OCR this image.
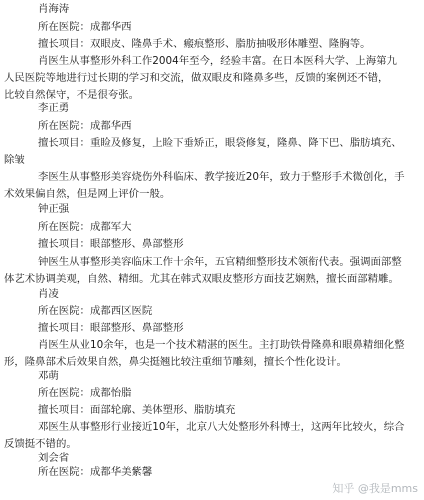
肖海涛
所在医院：成都华西
擅长项目：双眼皮、隆鼻手术、瘢痕整形、脂肪抽吸形体雕塑、隆胸等。
肖医生从事整形外科工作2004年至今，经验丰富。在日本医科大学、上海第九
人民医院等地进行过长期的学习和交流，做双眼皮和隆鼻多些，反馈的案例还不错，
比较自然保守，不是很夸张。
李正勇
所在医院：成都华西
擅长项目：重睑及修复，上睑下垂矫正，眼袋修复，隆鼻、降下巴、脂肪填充、
除皱
李医生从事整形美容烧伤外科临床、教学接近20年，致力于整形手术微创化，手
术效果偏自然，但是网上评价一般。
钟正强
所在医院：成都军大
擅长项目：眼部整形、鼻部整形
钟医生从事整形美容临床工作十余年，五官精细整形技术领衔代表。强调面部整
体艺术协调美观，自然、精细。尤其在韩式双眼皮整形方面技艺娴熟，擅长面部精雕。
肖凌
所在医院：成都西区医院
擅长项目：眼部整形、鼻部整形
肖医生从业10余年，也是一个技术精湛的医生。主打助铁骨隆鼻和眼鼻精细化整
形，隆鼻部术后效果自然，鼻尖挺翘比较注重细节雕刻，擅长个性化设计。
邓萌
所在医院：成都怡脂
擅长项目：面部轮廓、美体塑形、脂肪填充
邓医生从事整形行业接近10年，北京八大处整形外科博士，这两年比较火，综合
反馈挺不错的。
刘会省
所在医院：成都华美紫馨
知乎 @我是mms
